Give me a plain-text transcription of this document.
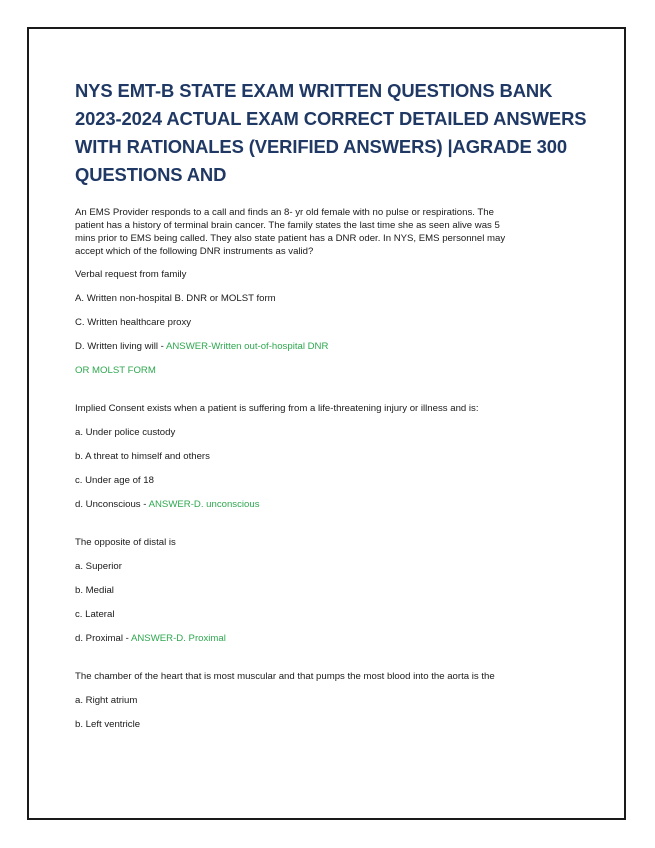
NYS EMT-B STATE EXAM WRITTEN QUESTIONS BANK
2023-2024 ACTUAL EXAM CORRECT DETAILED ANSWERS
WITH RATIONALES (VERIFIED ANSWERS) |AGRADE 300
QUESTIONS AND
An EMS Provider responds to a call and finds an 8- yr old female with no pulse or respirations. The
patient has a history of terminal brain cancer. The family states the last time she as seen alive was 5
mins prior to EMS being called. They also state patient has a DNR oder. In NYS, EMS personnel may
accept which of the following DNR instruments as valid?
Verbal request from family
A. Written non-hospital B. DNR or MOLST form
C. Written healthcare proxy
D. Written living will - ANSWER-Written out-of-hospital DNR
OR MOLST FORM
Implied Consent exists when a patient is suffering from a life-threatening injury or illness and is:
a. Under police custody
b. A threat to himself and others
c. Under age of 18
d. Unconscious - ANSWER-D. unconscious
The opposite of distal is
a. Superior
b. Medial
c. Lateral
d. Proximal - ANSWER-D. Proximal
The chamber of the heart that is most muscular and that pumps the most blood into the aorta is the
a. Right atrium
b. Left ventricle
